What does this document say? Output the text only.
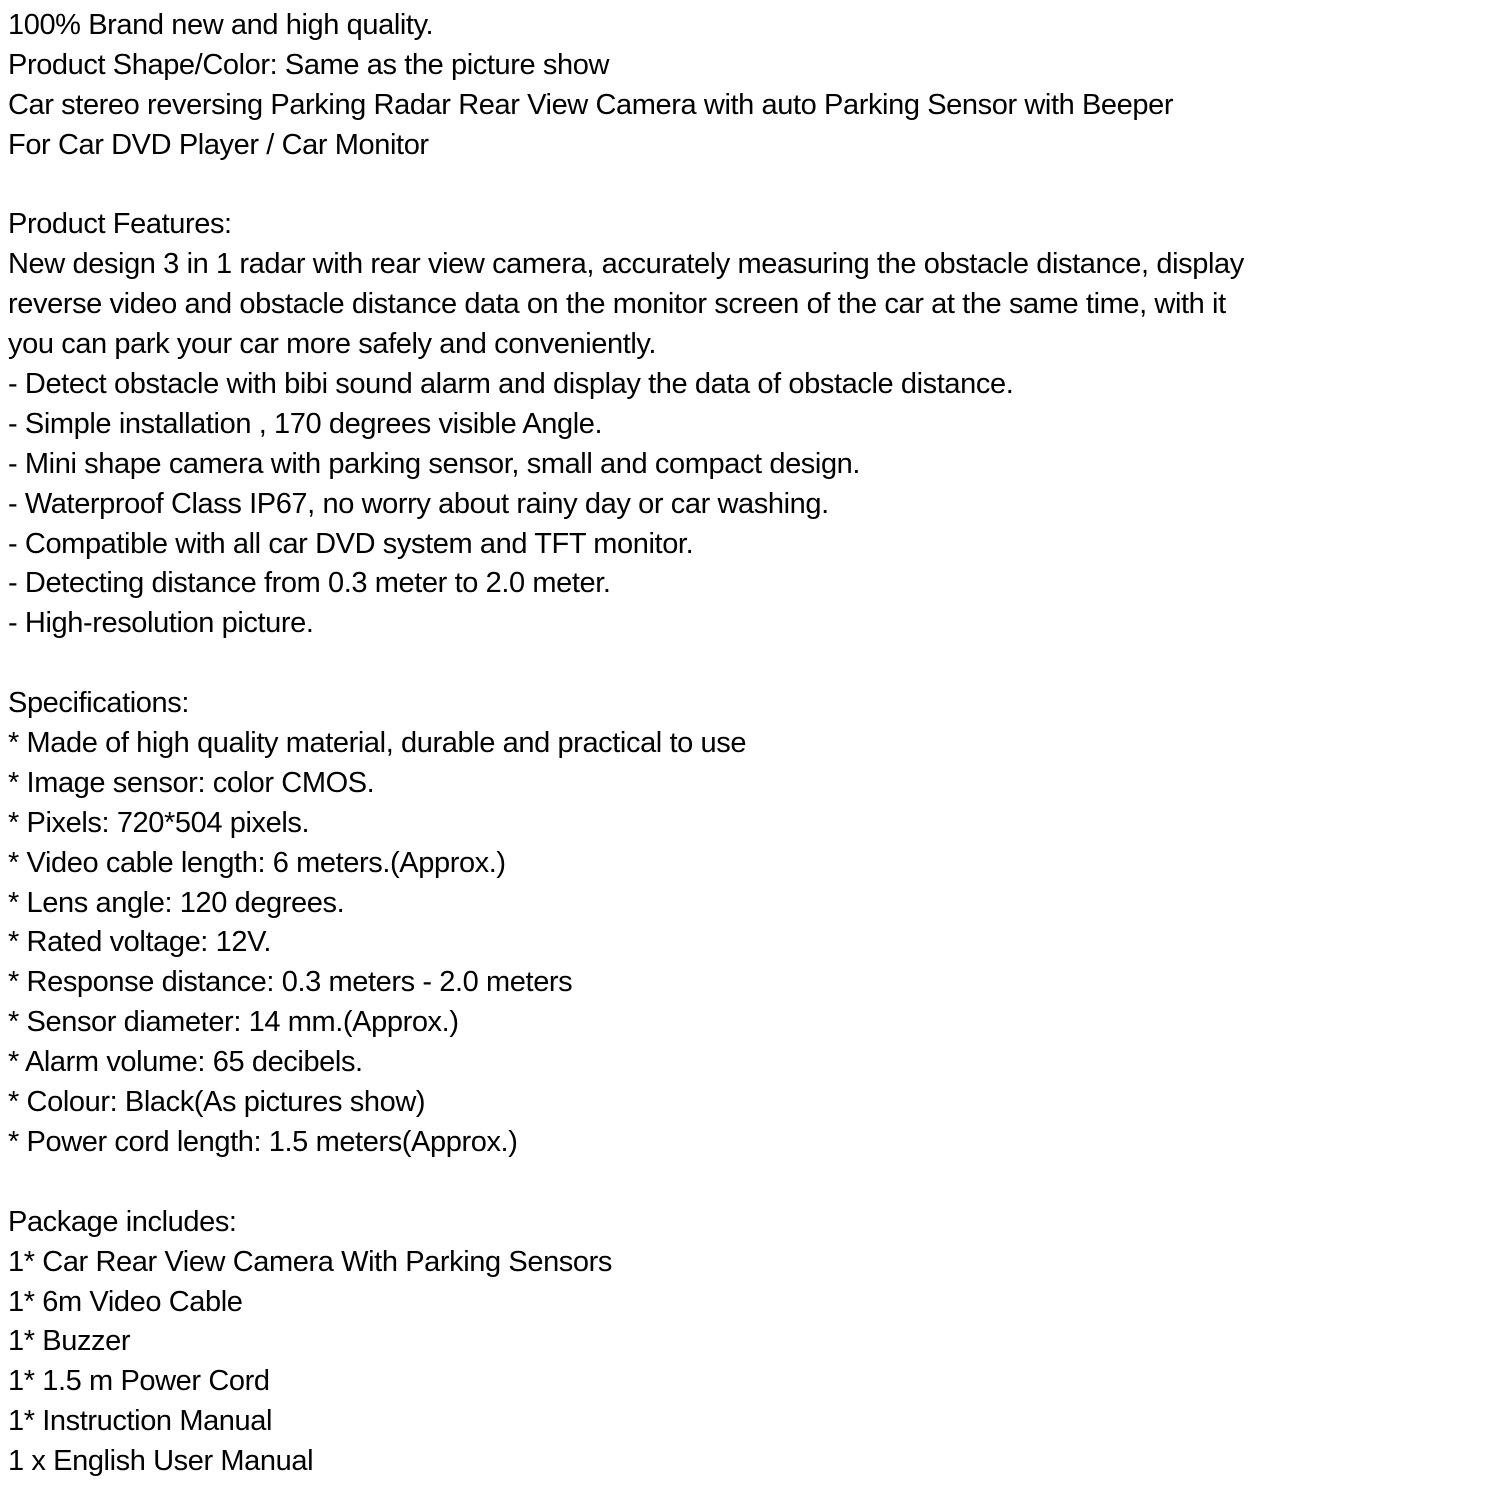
100% Brand new and high quality.
Product Shape/Color: Same as the picture show
Car stereo reversing Parking Radar Rear View Camera with auto Parking Sensor with Beeper
For Car DVD Player / Car Monitor
Product Features:
New design 3 in 1 radar with rear view camera, accurately measuring the obstacle distance, display
reverse video and obstacle distance data on the monitor screen of the car at the same time, with it
you can park your car more safely and conveniently.
- Detect obstacle with bibi sound alarm and display the data of obstacle distance.
- Simple installation , 170 degrees visible Angle.
- Mini shape camera with parking sensor, small and compact design.
- Waterproof Class IP67, no worry about rainy day or car washing.
- Compatible with all car DVD system and TFT monitor.
- Detecting distance from 0.3 meter to 2.0 meter.
- High-resolution picture.
Specifications:
* Made of high quality material, durable and practical to use
* Image sensor: color CMOS.
* Pixels: 720*504 pixels.
* Video cable length: 6 meters.(Approx.)
* Lens angle: 120 degrees.
* Rated voltage: 12V.
* Response distance: 0.3 meters - 2.0 meters
* Sensor diameter: 14 mm.(Approx.)
* Alarm volume: 65 decibels.
* Colour: Black(As pictures show)
* Power cord length: 1.5 meters(Approx.)
Package includes:
1* Car Rear View Camera With Parking Sensors
1* 6m Video Cable
1* Buzzer
1* 1.5 m Power Cord
1* Instruction Manual
1 x English User Manual
